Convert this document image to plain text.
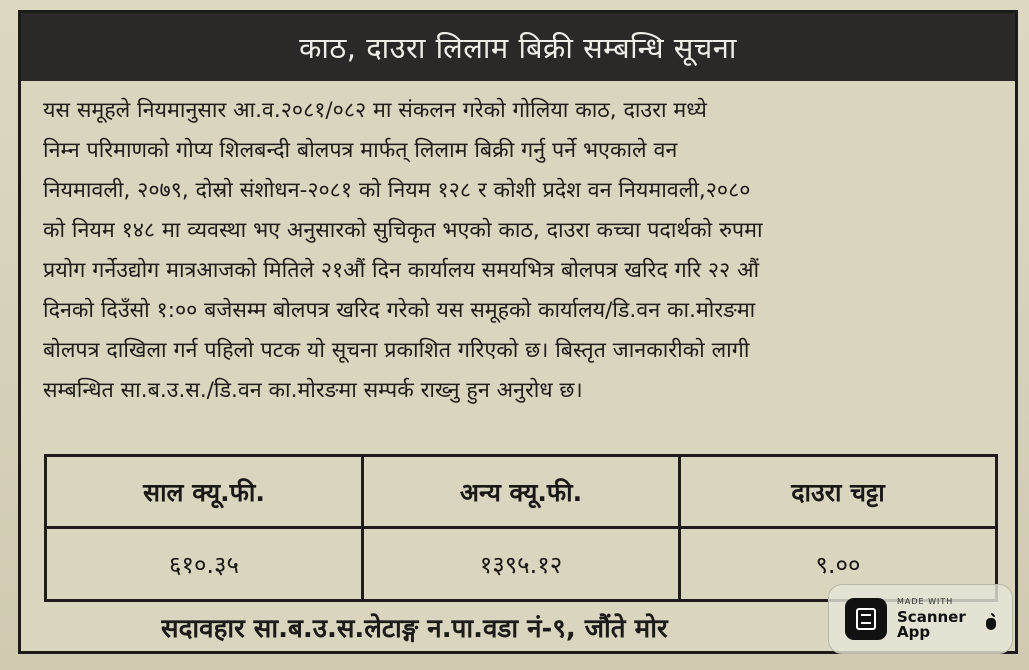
काठ, दाउरा लिलाम बिक्री सम्बन्धि सूचना
यस समूहले नियमानुसार आ.व.२०८१/०८२ मा संकलन गरेको गोलिया काठ, दाउरा मध्ये
निम्न परिमाणको गोप्य शिलबन्दी बोलपत्र मार्फत् लिलाम बिक्री गर्नु पर्ने भएकाले वन
नियमावली, २०७९, दोस्रो संशोधन-२०८१ को नियम १२८ र कोशी प्रदेश वन नियमावली,२०८०
को नियम १४८ मा व्यवस्था भए अनुसारको सुचिकृत भएको काठ, दाउरा कच्चा पदार्थको रुपमा
प्रयोग गर्नेउद्योग मात्रआजको मितिले २१औं दिन कार्यालय समयभित्र बोलपत्र खरिद गरि २२ औं
दिनको दिउँसो १:०० बजेसम्म बोलपत्र खरिद गरेको यस समूहको कार्यालय/डि.वन का.मोरङमा
बोलपत्र दाखिला गर्न पहिलो पटक यो सूचना प्रकाशित गरिएको छ। बिस्तृत जानकारीको लागी
सम्बन्धित सा.ब.उ.स./डि.वन का.मोरङमा सम्पर्क राख्नु हुन अनुरोध छ।
साल क्यू.फी.	अन्य क्यू.फी.	दाउरा चट्टा
६१०.३५	१३९५.१२	९.००
सदावहार सा.ब.उ.स.लेटाङ्ग न.पा.वडा नं-९, जौंते मोर
MADE WITH
Scanner
App
